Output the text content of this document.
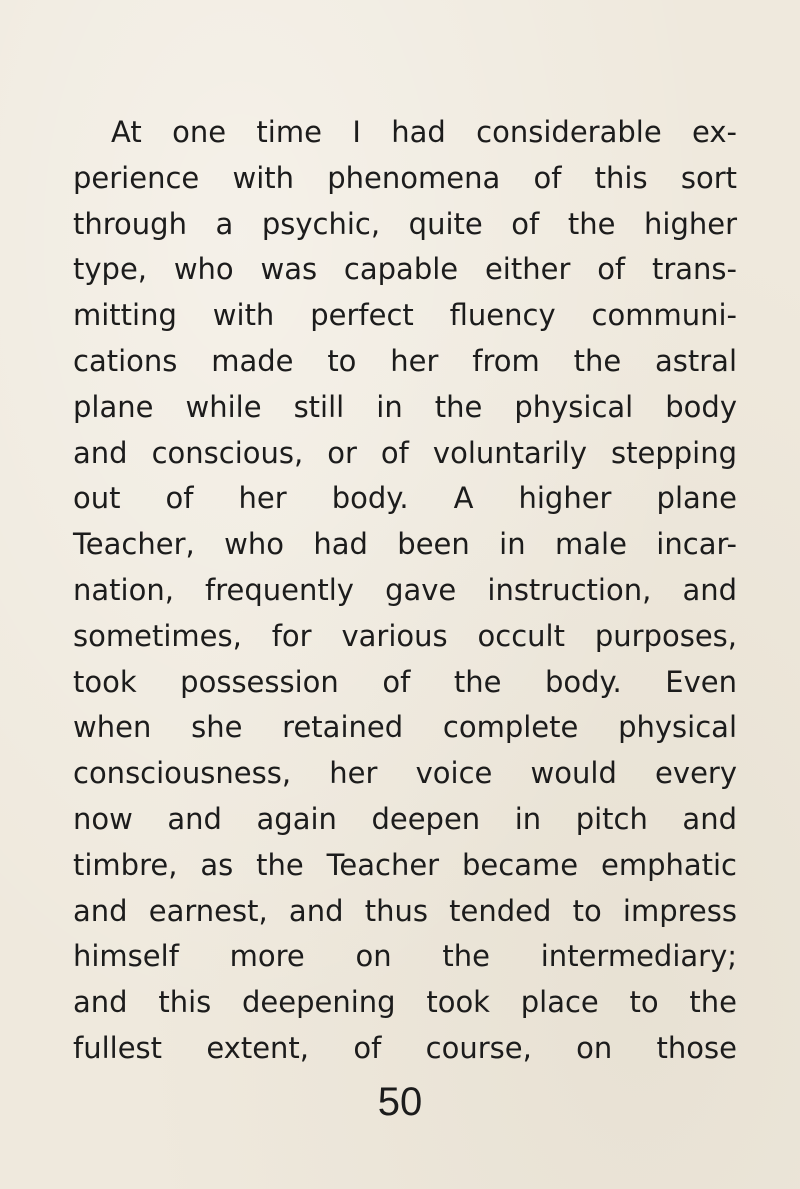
At one time I had considerable ex-
perience with phenomena of this sort
through a psychic, quite of the higher
type, who was capable either of trans-
mitting with perfect fluency communi-
cations made to her from the astral
plane while still in the physical body
and conscious, or of voluntarily stepping
out of her body. A higher plane
Teacher, who had been in male incar-
nation, frequently gave instruction, and
sometimes, for various occult purposes,
took possession of the body. Even
when she retained complete physical
consciousness, her voice would every
now and again deepen in pitch and
timbre, as the Teacher became emphatic
and earnest, and thus tended to impress
himself more on the intermediary;
and this deepening took place to the
fullest extent, of course, on those
50
